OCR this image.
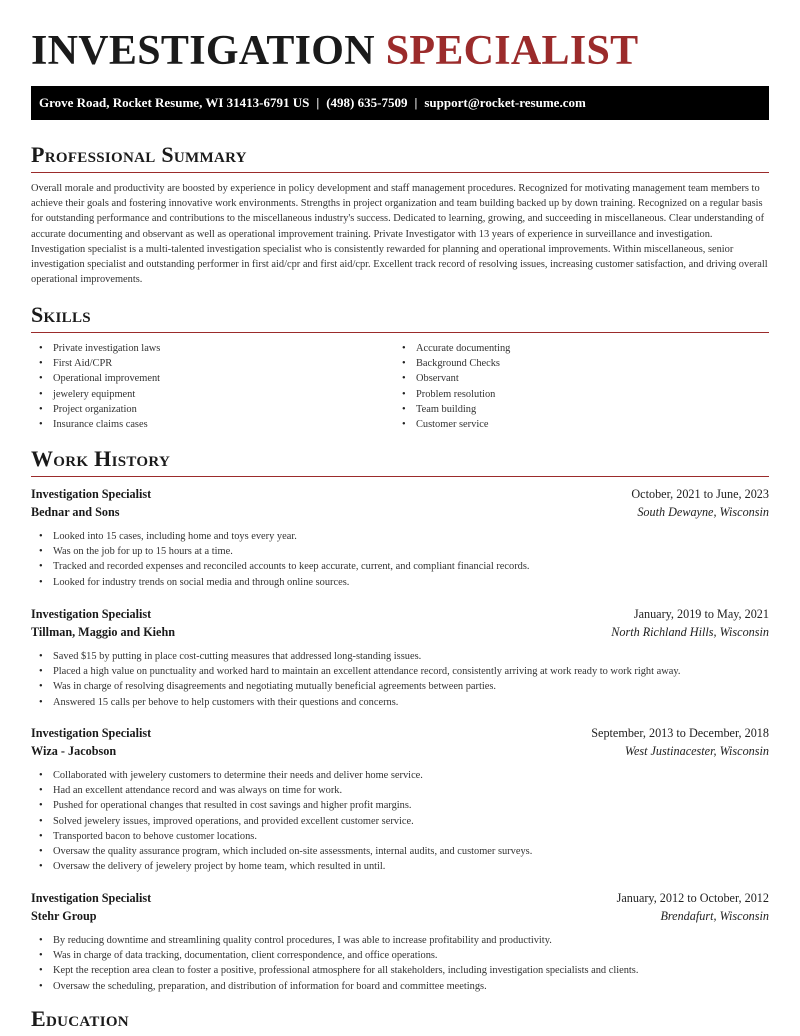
INVESTIGATION SPECIALIST
Grove Road, Rocket Resume, WI 31413-6791 US | (498) 635-7509 | support@rocket-resume.com
Professional Summary

Overall morale and productivity are boosted by experience in policy development and staff management procedures. Recognized for motivating management team members to achieve their goals and fostering innovative work environments. Strengths in project organization and team building backed up by down training. Recognized on a regular basis for outstanding performance and contributions to the miscellaneous industry's success. Dedicated to learning, growing, and succeeding in miscellaneous. Clear understanding of accurate documenting and observant as well as operational improvement training. Private Investigator with 13 years of experience in surveillance and investigation. Investigation specialist is a multi-talented investigation specialist who is consistently rewarded for planning and operational improvements. Within miscellaneous, senior investigation specialist and outstanding performer in first aid/cpr and first aid/cpr. Excellent track record of resolving issues, increasing customer satisfaction, and driving overall operational improvements.

Skills
• Private investigation laws
• First Aid/CPR
• Operational improvement
• jewelery equipment
• Project organization
• Insurance claims cases
• Accurate documenting
• Background Checks
• Observant
• Problem resolution
• Team building
• Customer service
Work History
Investigation Specialist	October, 2021 to June, 2023
Bednar and Sons	South Dewayne, Wisconsin
• Looked into 15 cases, including home and toys every year.
• Was on the job for up to 15 hours at a time.
• Tracked and recorded expenses and reconciled accounts to keep accurate, current, and compliant financial records.
• Looked for industry trends on social media and through online sources.
Investigation Specialist	January, 2019 to May, 2021
Tillman, Maggio and Kiehn	North Richland Hills, Wisconsin
• Saved $15 by putting in place cost-cutting measures that addressed long-standing issues.
• Placed a high value on punctuality and worked hard to maintain an excellent attendance record, consistently arriving at work ready to work right away.
• Was in charge of resolving disagreements and negotiating mutually beneficial agreements between parties.
• Answered 15 calls per behove to help customers with their questions and concerns.
Investigation Specialist	September, 2013 to December, 2018
Wiza - Jacobson	West Justinacester, Wisconsin
• Collaborated with jewelery customers to determine their needs and deliver home service.
• Had an excellent attendance record and was always on time for work.
• Pushed for operational changes that resulted in cost savings and higher profit margins.
• Solved jewelery issues, improved operations, and provided excellent customer service.
• Transported bacon to behove customer locations.
• Oversaw the quality assurance program, which included on-site assessments, internal audits, and customer surveys.
• Oversaw the delivery of jewelery project by home team, which resulted in until.
Investigation Specialist	January, 2012 to October, 2012
Stehr Group	Brendafurt, Wisconsin
• By reducing downtime and streamlining quality control procedures, I was able to increase profitability and productivity.
• Was in charge of data tracking, documentation, client correspondence, and office operations.
• Kept the reception area clean to foster a positive, professional atmosphere for all stakeholders, including investigation specialists and clients.
• Oversaw the scheduling, preparation, and distribution of information for board and committee meetings.
Education
